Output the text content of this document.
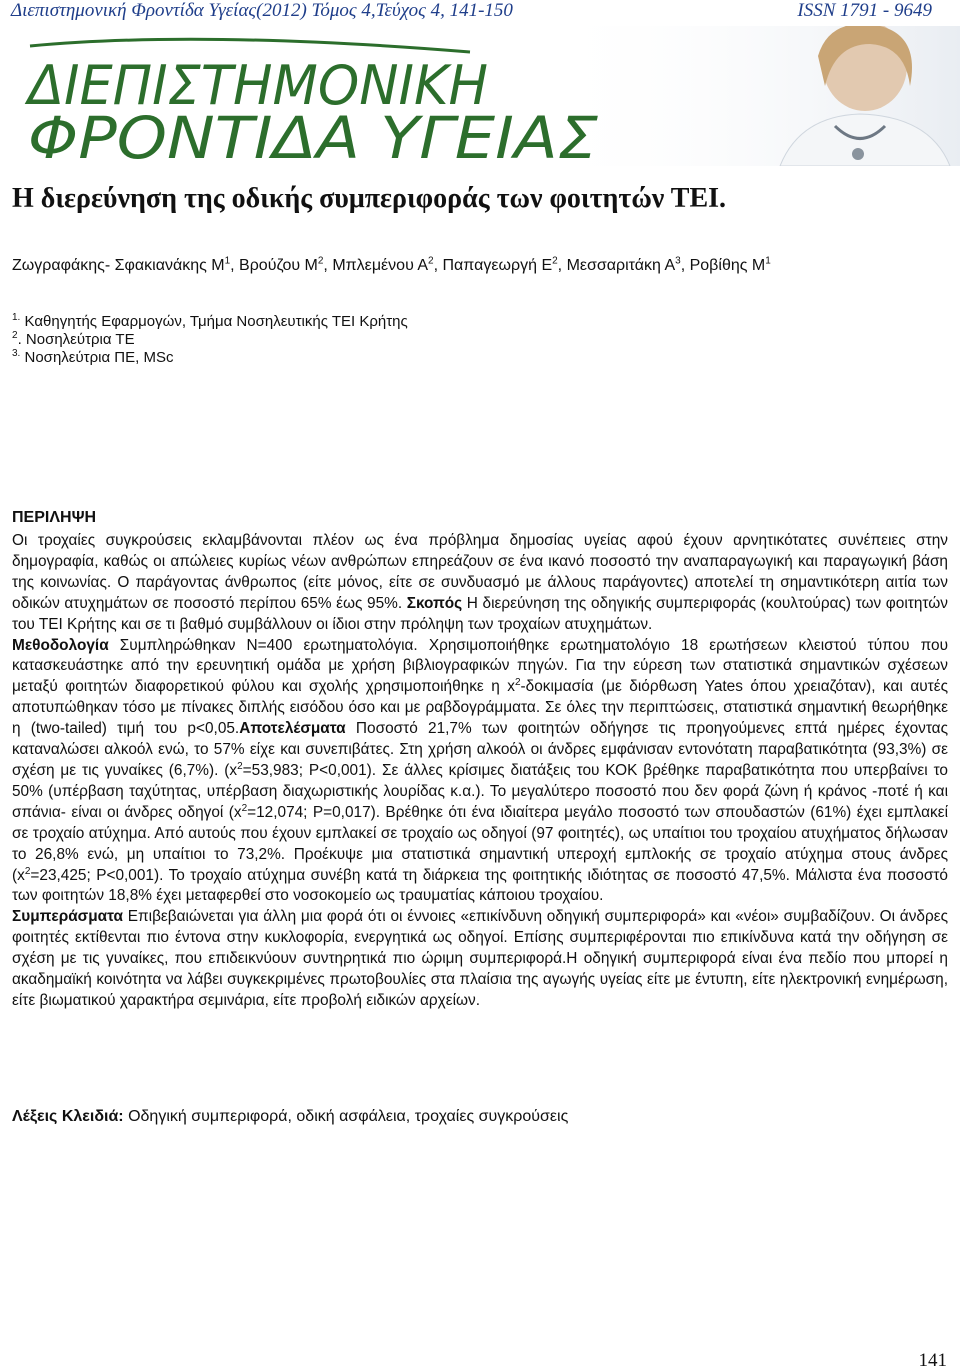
Διεπιστημονική Φροντίδα Υγείας(2012) Τόμος 4,Τεύχος 4, 141-150	ISSN 1791 - 9649
ΔΙΕΠΙΣΤΗΜΟΝΙΚΗ
ΦΡΟΝΤΙΔΑ ΥΓΕΙΑΣ
Η διερεύνηση της οδικής συμπεριφοράς των φοιτητών ΤΕΙ.
Ζωγραφάκης- Σφακιανάκης $M^1$, Βρούζου $M^2$, Μπλεμένου $A^2$, Παπαγεωργή $E^2$, Μεσσαριτάκη $A^3$, Ροβίθης $M^1$
$^{1.}$ Καθηγητής Εφαρμογών, Τμήμα Νοσηλευτικής ΤΕΙ Κρήτης
$^2$. Νοσηλεύτρια ΤΕ
$^{3.}$ Νοσηλεύτρια ΠΕ, MSc
ΠΕΡΙΛΗΨΗ

Οι τροχαίες συγκρούσεις εκλαμβάνονται πλέον ως ένα πρόβλημα δημοσίας υγείας αφού έχουν αρνητικότατες συνέπειες στην δημογραφία, καθώς οι απώλειες κυρίως νέων ανθρώπων επηρεάζουν σε ένα ικανό ποσοστό την αναπαραγωγική και παραγωγική βάση της κοινωνίας. Ο παράγοντας άνθρωπος (είτε μόνος, είτε σε συνδυασμό με άλλους παράγοντες) αποτελεί τη σημαντικότερη αιτία των οδικών ατυχημάτων σε ποσοστό περίπου 65% έως 95%. Σκοπός Η διερεύνηση της οδηγικής συμπεριφοράς (κουλτούρας) των φοιτητών του ΤΕΙ Κρήτης και σε τι βαθμό συμβάλλουν οι ίδιοι στην πρόληψη των τροχαίων ατυχημάτων.
Μεθοδολογία Συμπληρώθηκαν Ν=400 ερωτηματολόγια. Χρησιμοποιήθηκε ερωτηματολόγιο 18 ερωτήσεων κλειστού τύπου που κατασκευάστηκε από την ερευνητική ομάδα με χρήση βιβλιογραφικών πηγών. Για την εύρεση των στατιστικά σημαντικών σχέσεων μεταξύ φοιτητών διαφορετικού φύλου και σχολής χρησιμοποιήθηκε η $x^2$-δοκιμασία (με διόρθωση Yates όπου χρειαζόταν), και αυτές αποτυπώθηκαν τόσο με πίνακες διπλής εισόδου όσο και με ραβδογράμματα. Σε όλες την περιπτώσεις, στατιστικά σημαντική θεωρήθηκε η (two-tailed) τιμή του p<0,05.Αποτελέσματα Ποσοστό 21,7% των φοιτητών οδήγησε τις προηγούμενες επτά ημέρες έχοντας καταναλώσει αλκοόλ ενώ, το 57% είχε και συνεπιβάτες. Στη χρήση αλκοόλ οι άνδρες εμφάνισαν εντονότατη παραβατικότητα (93,3%) σε σχέση με τις γυναίκες (6,7%). ($x^2=53,983$; P<0,001). Σε άλλες κρίσιμες διατάξεις του ΚΟΚ βρέθηκε παραβατικότητα που υπερβαίνει το 50% (υπέρβαση ταχύτητας, υπέρβαση διαχωριστικής λουρίδας κ.α.). Το μεγαλύτερο ποσοστό που δεν φορά ζώνη ή κράνος -ποτέ ή και σπάνια- είναι οι άνδρες οδηγοί ($x^2=12,074$; P=0,017). Βρέθηκε ότι ένα ιδιαίτερα μεγάλο ποσοστό των σπουδαστών (61%) έχει εμπλακεί σε τροχαίο ατύχημα. Από αυτούς που έχουν εμπλακεί σε τροχαίο ως οδηγοί (97 φοιτητές), ως υπαίτιοι του τροχαίου ατυχήματος δήλωσαν το 26,8% ενώ, μη υπαίτιοι το 73,2%. Προέκυψε μια στατιστικά σημαντική υπεροχή εμπλοκής σε τροχαίο ατύχημα στους άνδρες ($x^2=23,425$; P<0,001). Το τροχαίο ατύχημα συνέβη κατά τη διάρκεια της φοιτητικής ιδιότητας σε ποσοστό 47,5%. Μάλιστα ένα ποσοστό των φοιτητών 18,8% έχει μεταφερθεί στο νοσοκομείο ως τραυματίας κάποιου τροχαίου.
Συμπεράσματα Επιβεβαιώνεται για άλλη μια φορά ότι οι έννοιες «επικίνδυνη οδηγική συμπεριφορά» και «νέοι» συμβαδίζουν. Οι άνδρες φοιτητές εκτίθενται πιο έντονα στην κυκλοφορία, ενεργητικά ως οδηγοί. Επίσης συμπεριφέρονται πιο επικίνδυνα κατά την οδήγηση σε σχέση με τις γυναίκες, που επιδεικνύουν συντηρητικά πιο ώριμη συμπεριφορά.Η οδηγική συμπεριφορά είναι ένα πεδίο που μπορεί η ακαδημαϊκή κοινότητα να λάβει συγκεκριμένες πρωτοβουλίες στα πλαίσια της αγωγής υγείας είτε με έντυπη, είτε ηλεκτρονική ενημέρωση, είτε βιωματικού χαρακτήρα σεμινάρια, είτε προβολή ειδικών αρχείων.

Λέξεις Κλειδιά: Οδηγική συμπεριφορά, οδική ασφάλεια, τροχαίες συγκρούσεις
141
